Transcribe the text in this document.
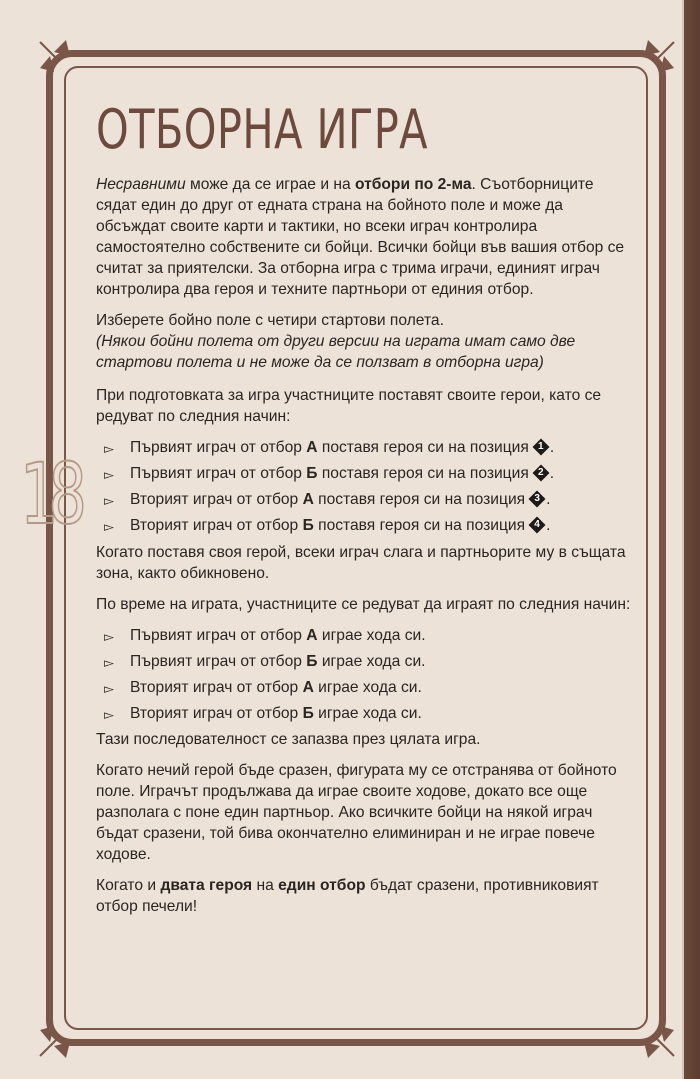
18
ОТБОРНА ИГРА

Несравними може да се играе и на отбори по 2-ма. Съотборниците сядат един до друг от едната страна на бойното поле и може да обсъждат своите карти и тактики, но всеки играч контролира самостоятелно собствените си бойци. Всички бойци във вашия отбор се считат за приятелски. За отборна игра с трима играчи, единият играч контролира два героя и техните партньори от единия отбор.

Изберете бойно поле с четири стартови полета.
(Някои бойни полета от други версии на играта имат само две стартови полета и не може да се ползват в отборна игра)

При подготовката за игра участниците поставят своите герои, като се редуват по следния начин:

▻ Първият играч от отбор А поставя героя си на позиция 1 .
▻ Първият играч от отбор Б поставя героя си на позиция 2 .
▻ Вторият играч от отбор А поставя героя си на позиция 3 .
▻ Вторият играч от отбор Б поставя героя си на позиция 4 .

Когато поставя своя герой, всеки играч слага и партньорите му в същата зона, както обикновено.

По време на играта, участниците се редуват да играят по следния начин:

▻ Първият играч от отбор А играе хода си.
▻ Първият играч от отбор Б играе хода си.
▻ Вторият играч от отбор А играе хода си.
▻ Вторият играч от отбор Б играе хода си.

Тази последователност се запазва през цялата игра.

Когато нечий герой бъде сразен, фигурата му се отстранява от бойното поле. Играчът продължава да играе своите ходове, докато все още разполага с поне един партньор. Ако всичките бойци на някой играч бъдат сразени, той бива окончателно елиминиран и не играе повече ходове.

Когато и двата героя на един отбор бъдат сразени, противниковият отбор печели!
